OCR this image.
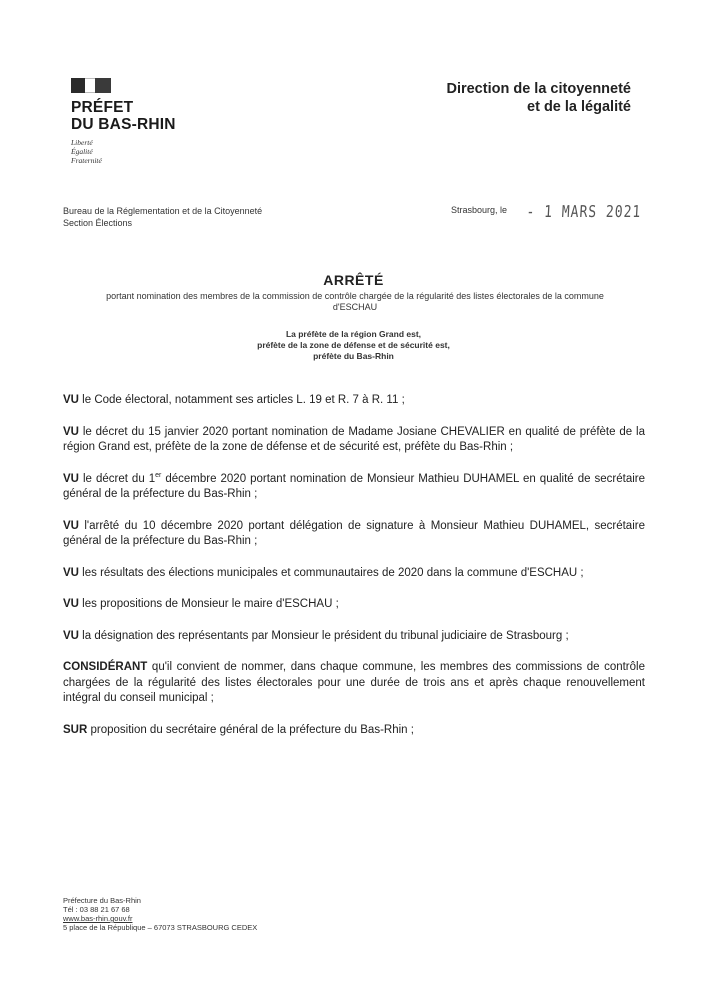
PRÉFET
DU BAS-RHIN
Liberté
Égalité
Fraternité
Direction de la citoyenneté
et de la légalité
Bureau de la Réglementation et de la Citoyenneté
Section Élections
Strasbourg, le - 1 MARS 2021
ARRÊTÉ
portant nomination des membres de la commission de contrôle chargée de la régularité des listes électorales de la commune d'ESCHAU
La préfète de la région Grand est,
préfète de la zone de défense et de sécurité est,
préfète du Bas-Rhin

VU le Code électoral, notamment ses articles L. 19 et R. 7 à R. 11 ;

VU le décret du 15 janvier 2020 portant nomination de Madame Josiane CHEVALIER en qualité de préfète de la région Grand est, préfète de la zone de défense et de sécurité est, préfète du Bas-Rhin ;

VU le décret du 1er décembre 2020 portant nomination de Monsieur Mathieu DUHAMEL en qualité de secrétaire général de la préfecture du Bas-Rhin ;

VU l'arrêté du 10 décembre 2020 portant délégation de signature à Monsieur Mathieu DUHAMEL, secrétaire général de la préfecture du Bas-Rhin ;

VU les résultats des élections municipales et communautaires de 2020 dans la commune d'ESCHAU ;

VU les propositions de Monsieur le maire d'ESCHAU ;

VU la désignation des représentants par Monsieur le président du tribunal judiciaire de Strasbourg ;

CONSIDÉRANT qu'il convient de nommer, dans chaque commune, les membres des commissions de contrôle chargées de la régularité des listes électorales pour une durée de trois ans et après chaque renouvellement intégral du conseil municipal ;

SUR proposition du secrétaire général de la préfecture du Bas-Rhin ;

Préfecture du Bas-Rhin
Tél : 03 88 21 67 68
www.bas-rhin.gouv.fr
5 place de la République – 67073 STRASBOURG CEDEX
